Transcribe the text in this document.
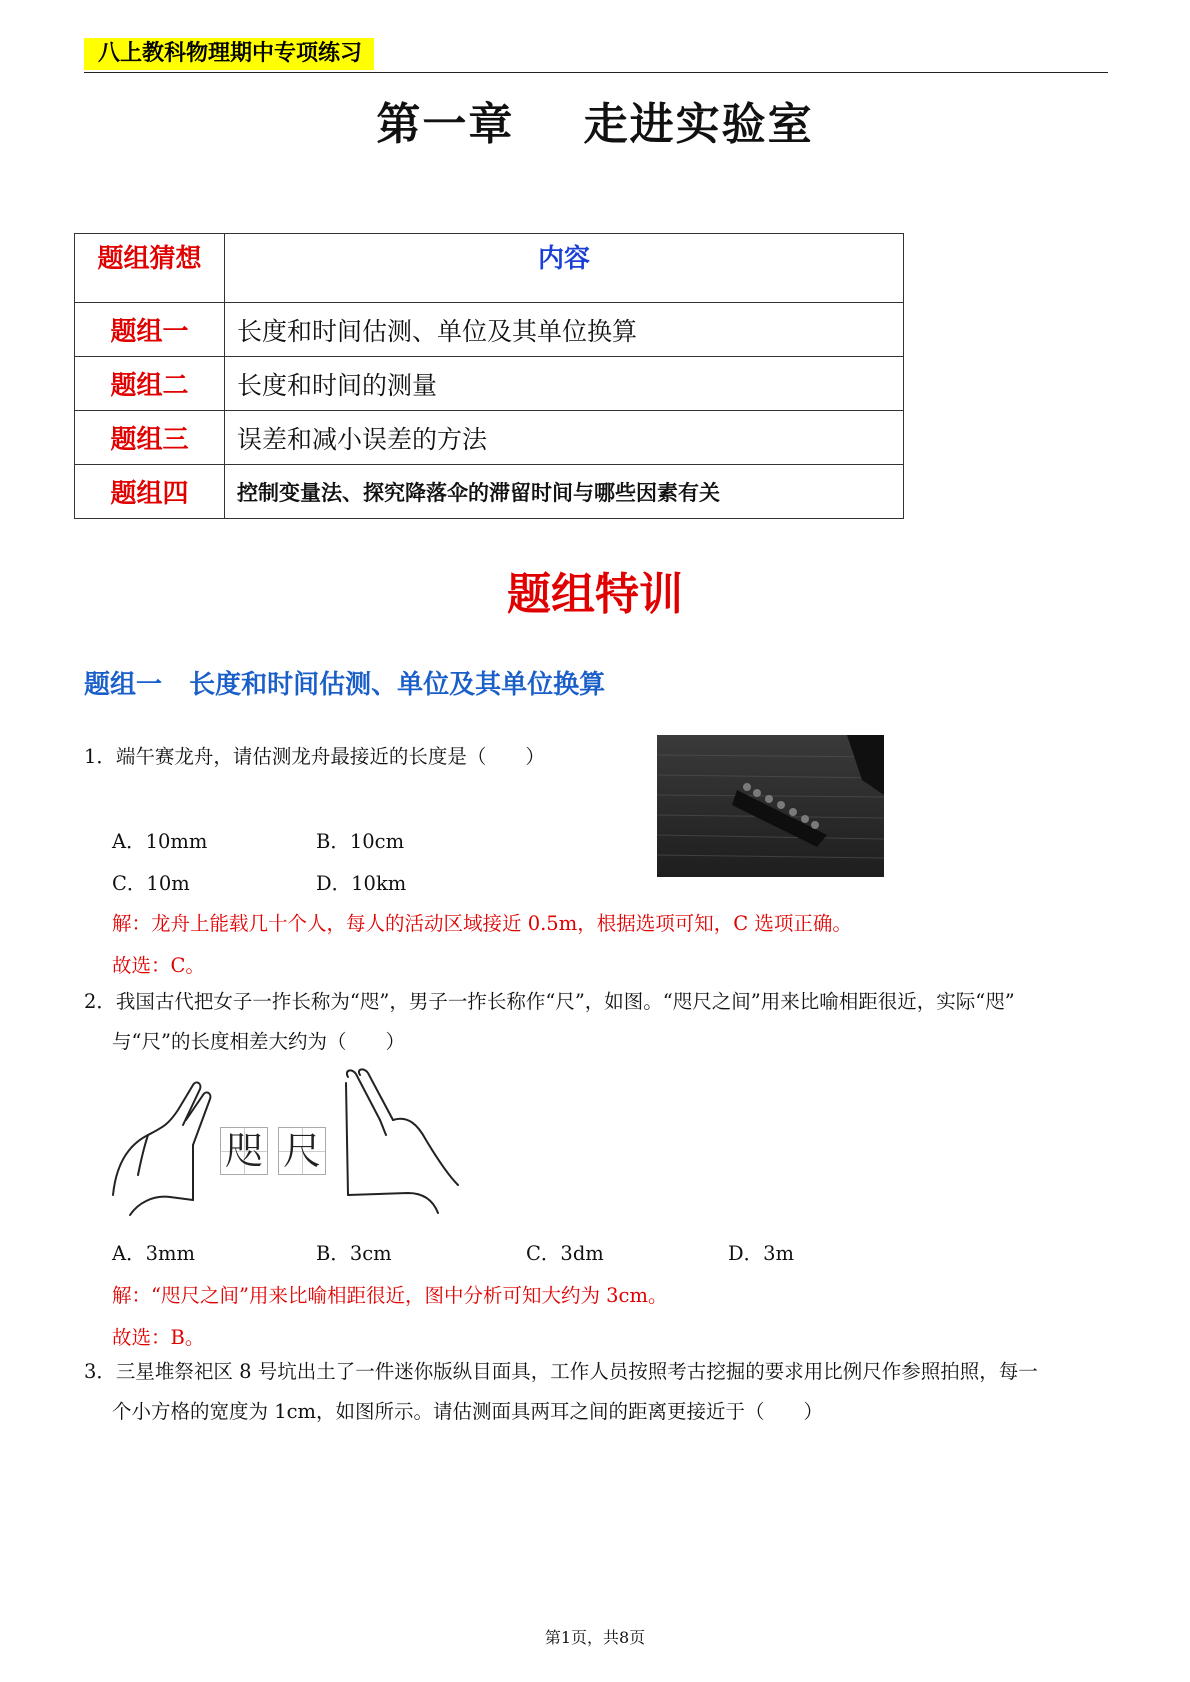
八上教科物理期中专项练习
第一章    走进实验室
题组猜想	内容
题组一	长度和时间估测、单位及其单位换算
题组二	长度和时间的测量
题组三	误差和减小误差的方法
题组四	控制变量法、探究降落伞的滞留时间与哪些因素有关
题组特训
题组一   长度和时间估测、单位及其单位换算
1．端午赛龙舟，请估测龙舟最接近的长度是（　　）
A．10mm	B．10cm
C．10m	D．10km
解：龙舟上能载几十个人，每人的活动区域接近 0.5m，根据选项可知，C 选项正确。
故选：C。
2．我国古代把女子一拃长称为“咫”，男子一拃长称作“尺”，如图。“咫尺之间”用来比喻相距很近，实际“咫”
与“尺”的长度相差大约为（　　）
咫 尺
A．3mm	B．3cm	C．3dm	D．3m
解：“咫尺之间”用来比喻相距很近，图中分析可知大约为 3cm。
故选：B。
3．三星堆祭祀区 8 号坑出土了一件迷你版纵目面具，工作人员按照考古挖掘的要求用比例尺作参照拍照，每一
个小方格的宽度为 1cm，如图所示。请估测面具两耳之间的距离更接近于（　　）
第1页，共8页
